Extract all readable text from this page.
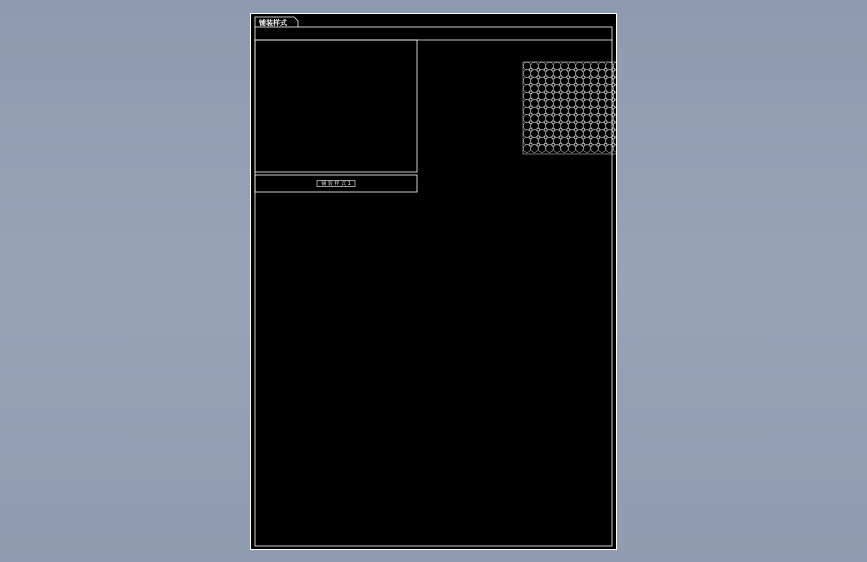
铺装样式
铺 装 样 式 1
